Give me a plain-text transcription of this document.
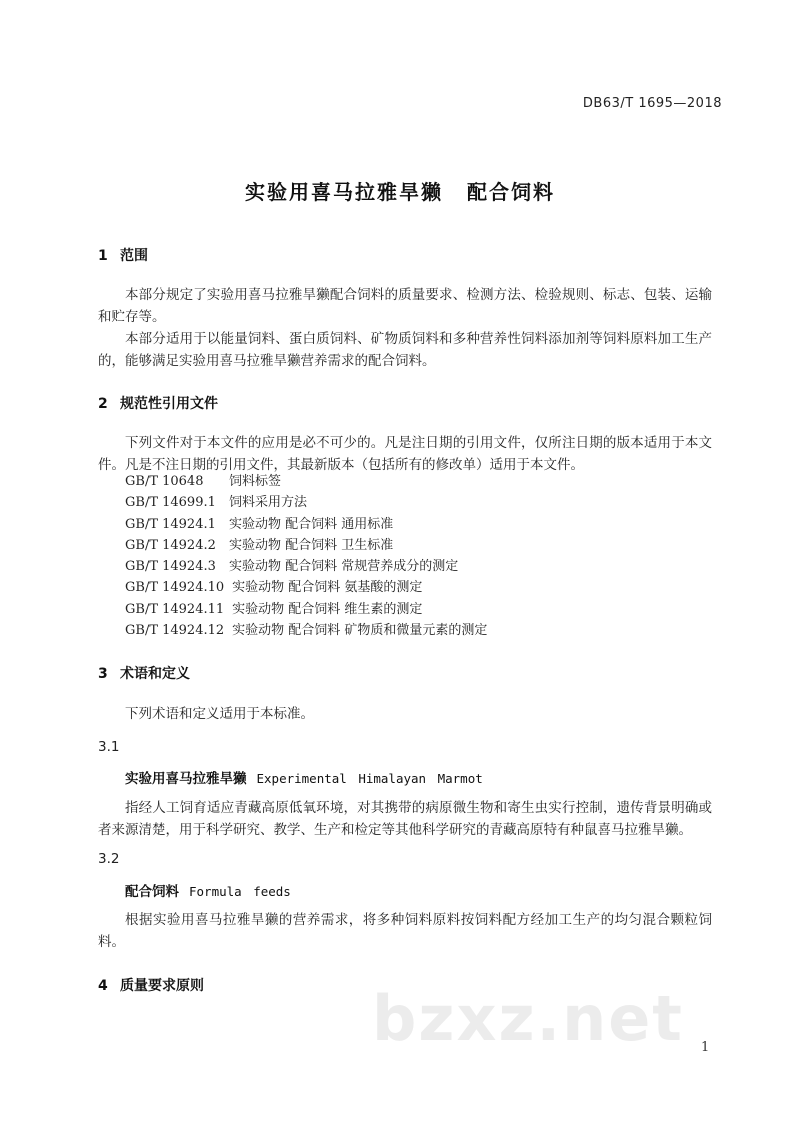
DB63/T 1695—2018
实验用喜马拉雅旱獭 配合饲料
1 范围
本部分规定了实验用喜马拉雅旱獭配合饲料的质量要求、检测方法、检验规则、标志、包装、运输和贮存等。
本部分适用于以能量饲料、蛋白质饲料、矿物质饲料和多种营养性饲料添加剂等饲料原料加工生产的，能够满足实验用喜马拉雅旱獭营养需求的配合饲料。
2 规范性引用文件
下列文件对于本文件的应用是必不可少的。凡是注日期的引用文件，仅所注日期的版本适用于本文件。凡是不注日期的引用文件，其最新版本（包括所有的修改单）适用于本文件。
GB/T 10648 饲料标签
GB/T 14699.1 饲料采用方法
GB/T 14924.1 实验动物 配合饲料 通用标准
GB/T 14924.2 实验动物 配合饲料 卫生标准
GB/T 14924.3 实验动物 配合饲料 常规营养成分的测定
GB/T 14924.10 实验动物 配合饲料 氨基酸的测定
GB/T 14924.11 实验动物 配合饲料 维生素的测定
GB/T 14924.12 实验动物 配合饲料 矿物质和微量元素的测定
3 术语和定义
下列术语和定义适用于本标准。
3.1
实验用喜马拉雅旱獭 Experimental Himalayan Marmot
指经人工饲育适应青藏高原低氧环境，对其携带的病原微生物和寄生虫实行控制，遗传背景明确或者来源清楚，用于科学研究、教学、生产和检定等其他科学研究的青藏高原特有种鼠喜马拉雅旱獭。
3.2
配合饲料 Formula feeds
根据实验用喜马拉雅旱獭的营养需求，将多种饲料原料按饲料配方经加工生产的均匀混合颗粒饲料。
4 质量要求原则	bzxz.net 1
